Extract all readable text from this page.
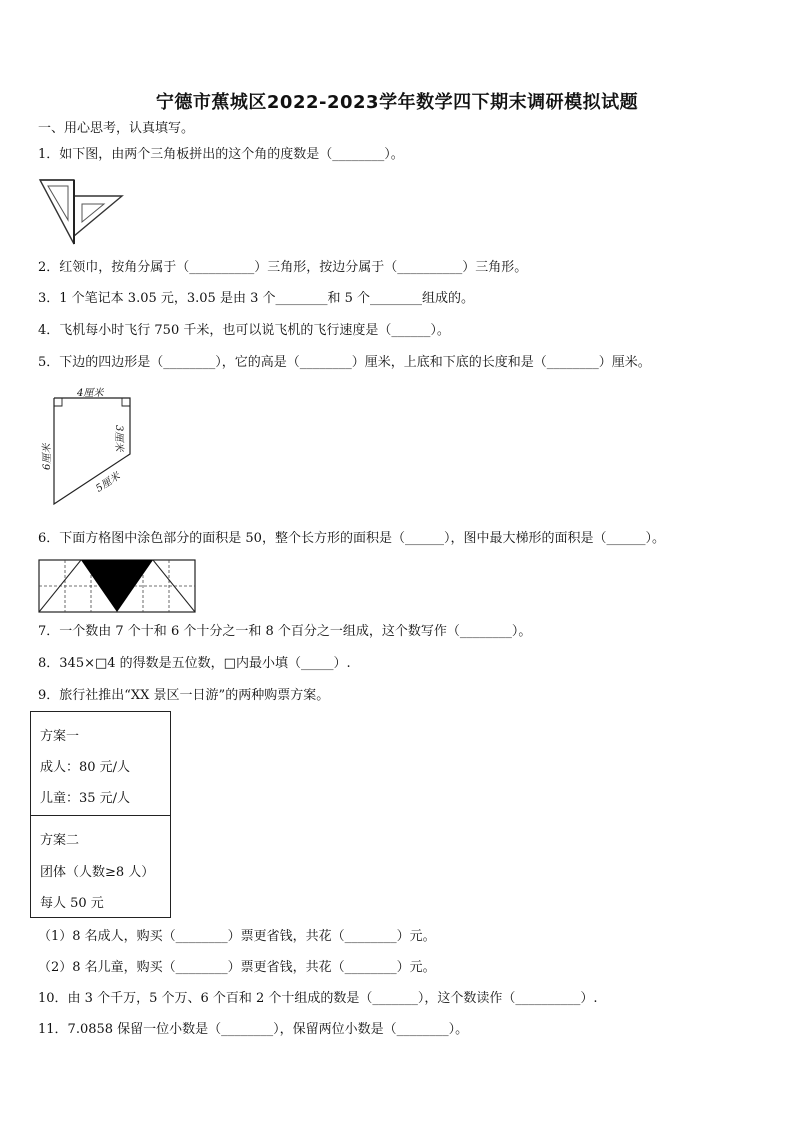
宁德市蕉城区2022-2023学年数学四下期末调研模拟试题
一、用心思考，认真填写。
1．如下图，由两个三角板拼出的这个角的度数是（________）。
2．红领巾，按角分属于（__________）三角形，按边分属于（__________）三角形。
3．1 个笔记本 3.05 元，3.05 是由 3 个________和 5 个________组成的。
4．飞机每小时飞行 750 千米，也可以说飞机的飞行速度是（______）。
5．下边的四边形是（________），它的高是（________）厘米，上底和下底的长度和是（________）厘米。
4厘米
3厘米
6厘米
5厘米
6．下面方格图中涂色部分的面积是 50，整个长方形的面积是（______），图中最大梯形的面积是（______）。
7．一个数由 7 个十和 6 个十分之一和 8 个百分之一组成，这个数写作（________）。
8．345×□4 的得数是五位数，□内最小填（_____）.
9．旅行社推出“XX 景区一日游”的两种购票方案。
方案一
成人：80 元/人
儿童：35 元/人
方案二
团体（人数≥8 人）
每人 50 元
（1）8 名成人，购买（________）票更省钱，共花（________）元。
（2）8 名儿童，购买（________）票更省钱，共花（________）元。
10．由 3 个千万，5 个万、6 个百和 2 个十组成的数是（_______），这个数读作（__________）.
11．7.0858 保留一位小数是（________），保留两位小数是（________）。
